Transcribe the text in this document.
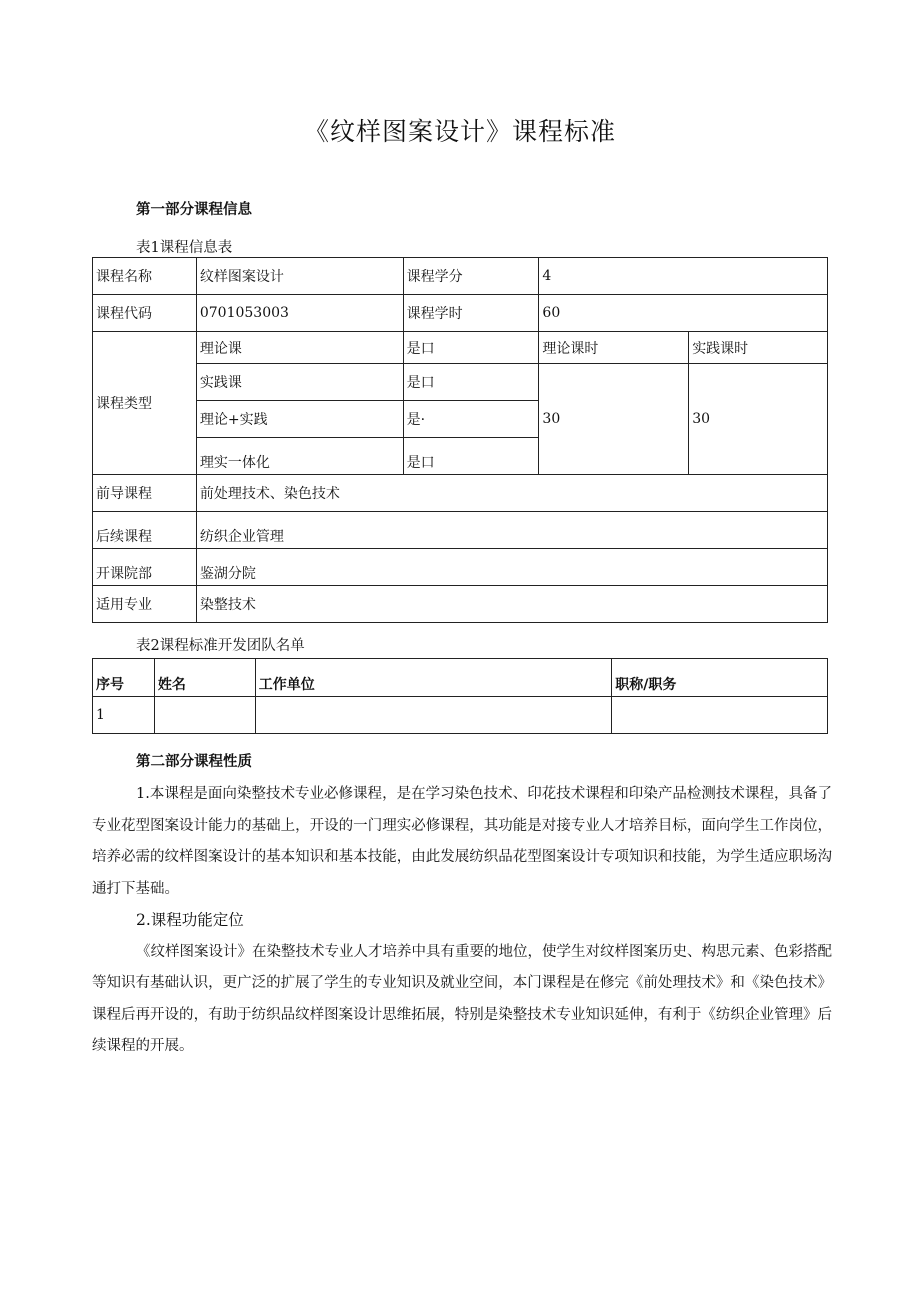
《纹样图案设计》课程标准
第一部分课程信息
表1课程信息表
课程名称	纹样图案设计	课程学分	4	
课程代码	0701053003	课程学时	60	
课程类型	理论课	是口	理论课时	实践课时
	实践课	是口	30	30
	理论+实践	是·		
	理实一体化	是口		
前导课程	前处理技术、染色技术			
后续课程	纺织企业管理			
开课院部	鉴湖分院			
适用专业	染整技术			
表2课程标准开发团队名单
序号	姓名	工作单位	职称/职务
1			
第二部分课程性质

1.本课程是面向染整技术专业必修课程，是在学习染色技术、印花技术课程和印染产品检测技术课程，具备了专业花型图案设计能力的基础上，开设的一门理实必修课程，其功能是对接专业人才培养目标，面向学生工作岗位，培养必需的纹样图案设计的基本知识和基本技能，由此发展纺织品花型图案设计专项知识和技能，为学生适应职场沟通打下基础。

2.课程功能定位

《纹样图案设计》在染整技术专业人才培养中具有重要的地位，使学生对纹样图案历史、构思元素、色彩搭配等知识有基础认识，更广泛的扩展了学生的专业知识及就业空间，本门课程是在修完《前处理技术》和《染色技术》课程后再开设的，有助于纺织品纹样图案设计思维拓展，特别是染整技术专业知识延伸，有利于《纺织企业管理》后续课程的开展。
